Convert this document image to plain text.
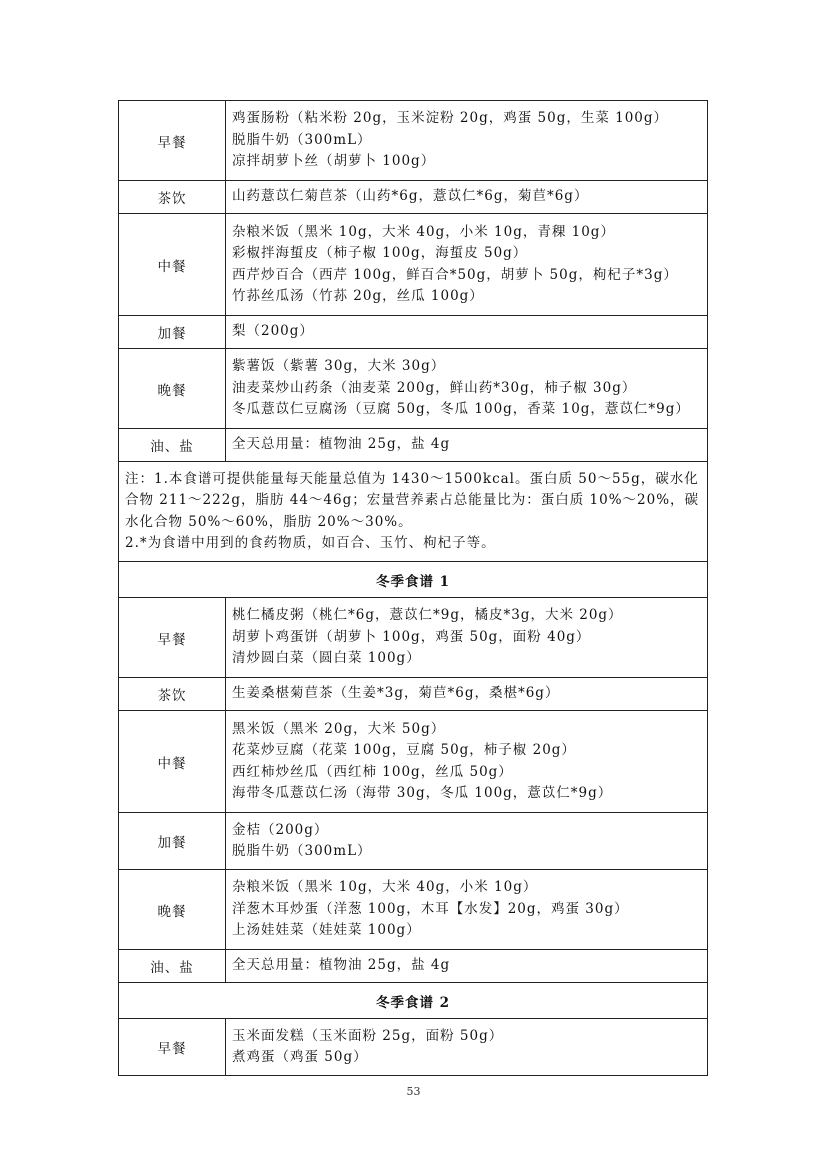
早餐	鸡蛋肠粉（粘米粉 20g，玉米淀粉 20g，鸡蛋 50g，生菜 100g）
脱脂牛奶（300mL）
凉拌胡萝卜丝（胡萝卜 100g）

茶饮	山药薏苡仁菊苣茶（山药*6g，薏苡仁*6g，菊苣*6g）

中餐	杂粮米饭（黑米 10g，大米 40g，小米 10g，青稞 10g）
彩椒拌海蜇皮（柿子椒 100g，海蜇皮 50g）
西芹炒百合（西芹 100g，鲜百合*50g，胡萝卜 50g，枸杞子*3g）
竹荪丝瓜汤（竹荪 20g，丝瓜 100g）

加餐	梨（200g）

晚餐	紫薯饭（紫薯 30g，大米 30g）
油麦菜炒山药条（油麦菜 200g，鲜山药*30g，柿子椒 30g）
冬瓜薏苡仁豆腐汤（豆腐 50g，冬瓜 100g，香菜 10g，薏苡仁*9g）

油、盐	全天总用量：植物油 25g，盐 4g

注：1.本食谱可提供能量每天能量总值为 1430～1500kcal。蛋白质 50～55g，碳水化合物 211～222g，脂肪 44～46g；宏量营养素占总能量比为：蛋白质 10%～20%，碳水化合物 50%～60%，脂肪 20%～30%。
2.*为食谱中用到的食药物质，如百合、玉竹、枸杞子等。	

冬季食谱 1	
早餐	桃仁橘皮粥（桃仁*6g，薏苡仁*9g，橘皮*3g，大米 20g）
胡萝卜鸡蛋饼（胡萝卜 100g，鸡蛋 50g，面粉 40g）
清炒圆白菜（圆白菜 100g）

茶饮	生姜桑椹菊苣茶（生姜*3g，菊苣*6g，桑椹*6g）

中餐	黑米饭（黑米 20g，大米 50g）
花菜炒豆腐（花菜 100g，豆腐 50g，柿子椒 20g）
西红柿炒丝瓜（西红柿 100g，丝瓜 50g）
海带冬瓜薏苡仁汤（海带 30g，冬瓜 100g，薏苡仁*9g）

加餐	金桔（200g）
脱脂牛奶（300mL）

晚餐	杂粮米饭（黑米 10g，大米 40g，小米 10g）
洋葱木耳炒蛋（洋葱 100g，木耳【水发】20g，鸡蛋 30g）
上汤娃娃菜（娃娃菜 100g）

油、盐	全天总用量：植物油 25g，盐 4g

冬季食谱 2	
早餐	玉米面发糕（玉米面粉 25g，面粉 50g）
煮鸡蛋（鸡蛋 50g）
53
